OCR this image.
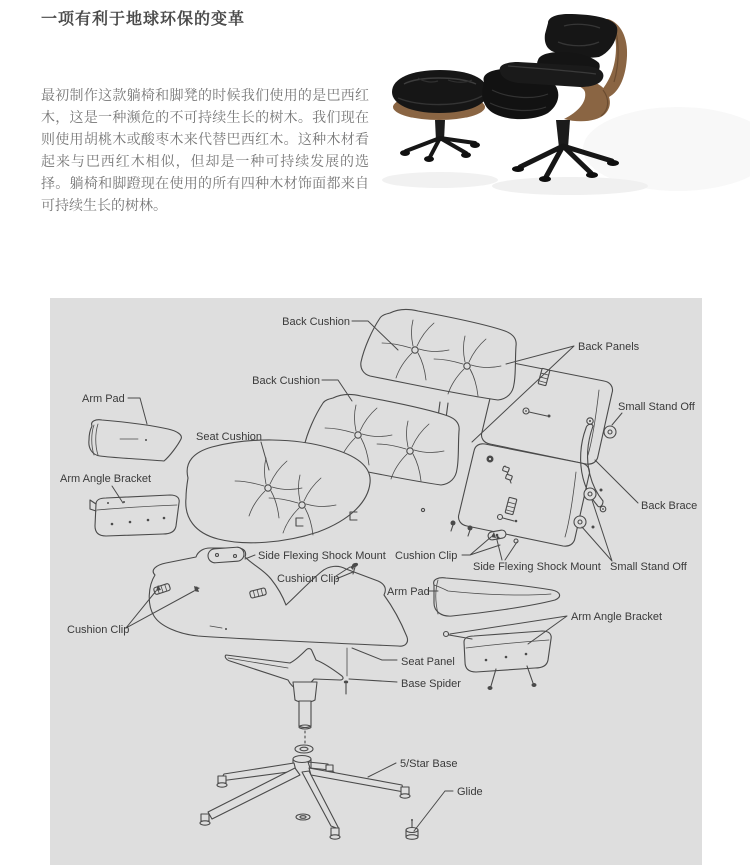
一项有利于地球环保的变革

最初制作这款躺椅和脚凳的时候我们使用的是巴西红木，这是一种濒危的不可持续生长的树木。我们现在则使用胡桃木或酸枣木来代替巴西红木。这种木材看起来与巴西红木相似，但却是一种可持续发展的选择。躺椅和脚蹬现在使用的所有四种木材饰面都来自可持续生长的树林。

Back Cushion
Back Panels
Back Cushion
Small Stand Off
Arm Pad
Seat Cushion
Arm Angle Bracket
Back Brace
Side Flexing Shock Mount
Cushion Clip
Cushion Clip
Side Flexing Shock Mount Small Stand Off
Arm Pad
Cushion Clip
Seat Panel
Base Spider
Arm Angle Bracket
5/Star Base
Glide
